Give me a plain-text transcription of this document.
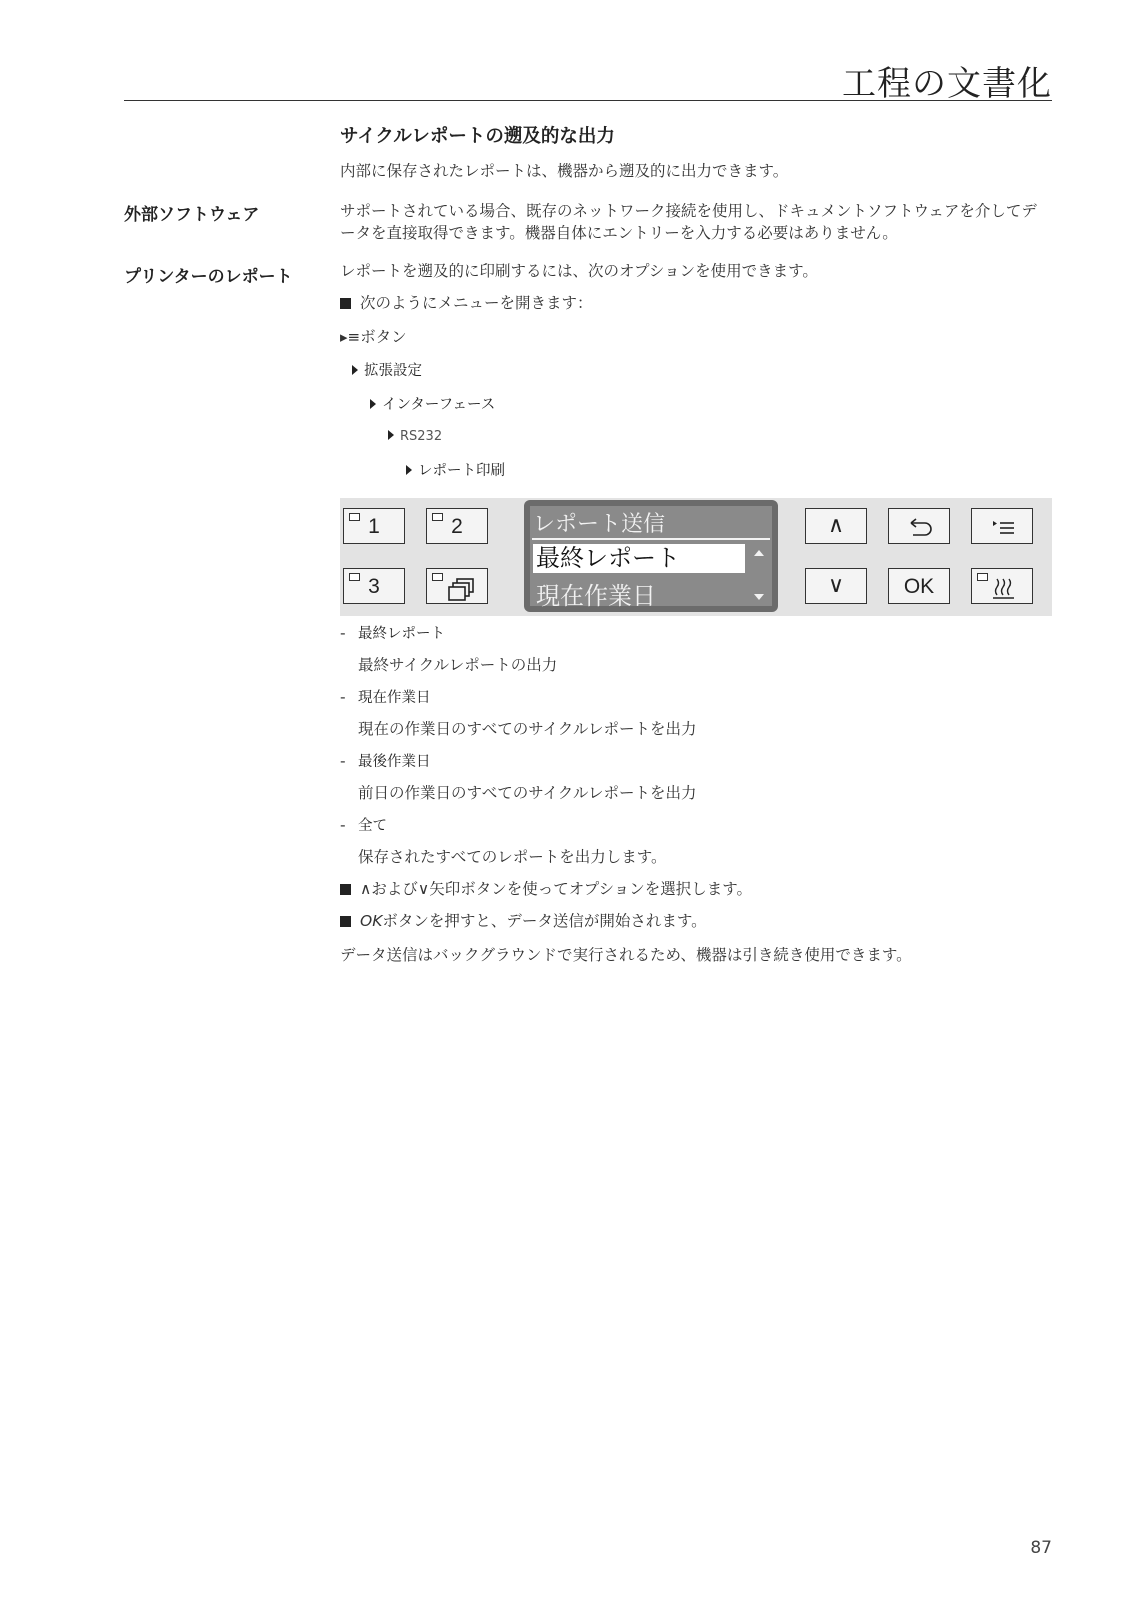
工程の文書化
サイクルレポートの遡及的な出力
内部に保存されたレポートは、機器から遡及的に出力できます。
外部ソフトウェア	サポートされている場合、既存のネットワーク接続を使用し、ドキュメントソフトウェアを介してデータを直接取得できます。機器自体にエントリーを入力する必要はありません。
プリンターのレポート	レポートを遡及的に印刷するには、次のオプションを使用できます。
次のようにメニューを開きます：
▸≡ボタン
拡張設定
インターフェース
RS232
レポート印刷
1	2
3
レポート送信
最終レポート
現在作業日
∧
∨	OK
- 最終レポート
最終サイクルレポートの出力
- 現在作業日
現在の作業日のすべてのサイクルレポートを出力
- 最後作業日
前日の作業日のすべてのサイクルレポートを出力
- 全て
保存されたすべてのレポートを出力します。
∧および∨矢印ボタンを使ってオプションを選択します。
OKボタンを押すと、データ送信が開始されます。
データ送信はバックグラウンドで実行されるため、機器は引き続き使用できます。
87
